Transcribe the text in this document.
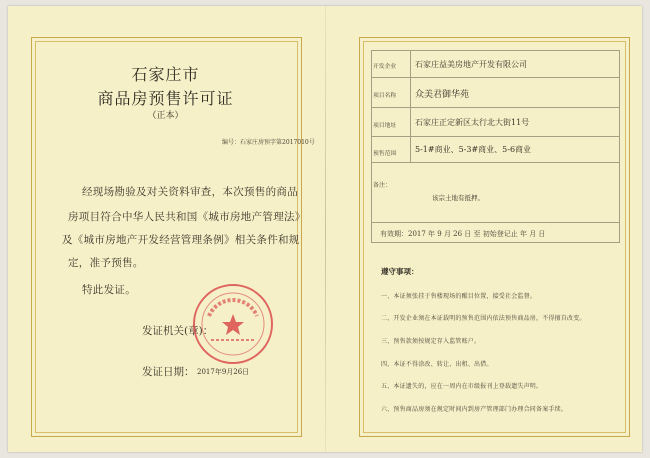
石家庄市
商品房预售许可证
（正本）
编号：石家庄房预字第2017010号
经现场勘验及对关资料审查，本次预售的商品
房项目符合中华人民共和国《城市房地产管理法》
及《城市房地产开发经营管理条例》相关条件和规
定，准予预售。
特此发证。
发证机关(章)：
发证日期： 2017年9月26日
开发企业	石家庄益美房地产开发有限公司
项目名称	众美君御华苑
项目地址	石家庄正定新区太行北大街11号
预售范围	5-1#商业、5-3#商业、5-6商业
备注：
该宗土地有抵押。
有效期：2017 年 9 月 26 日 至 初始登记止 年 月 日
遵守事项：
一、本证须张挂于售楼现场的醒目位置，接受社会监督。
二、开发企业须在本证载明的预售范围内依法预售商品房，不得擅自改变。
三、预售款须按规定存入监管账户。
四、本证不得涂改、转让、出租、出借。
五、本证遗失的，应在一周内在市级报刊上登载遗失声明。
六、预售商品房须在规定时间内到房产管理部门办理合同备案手续。
